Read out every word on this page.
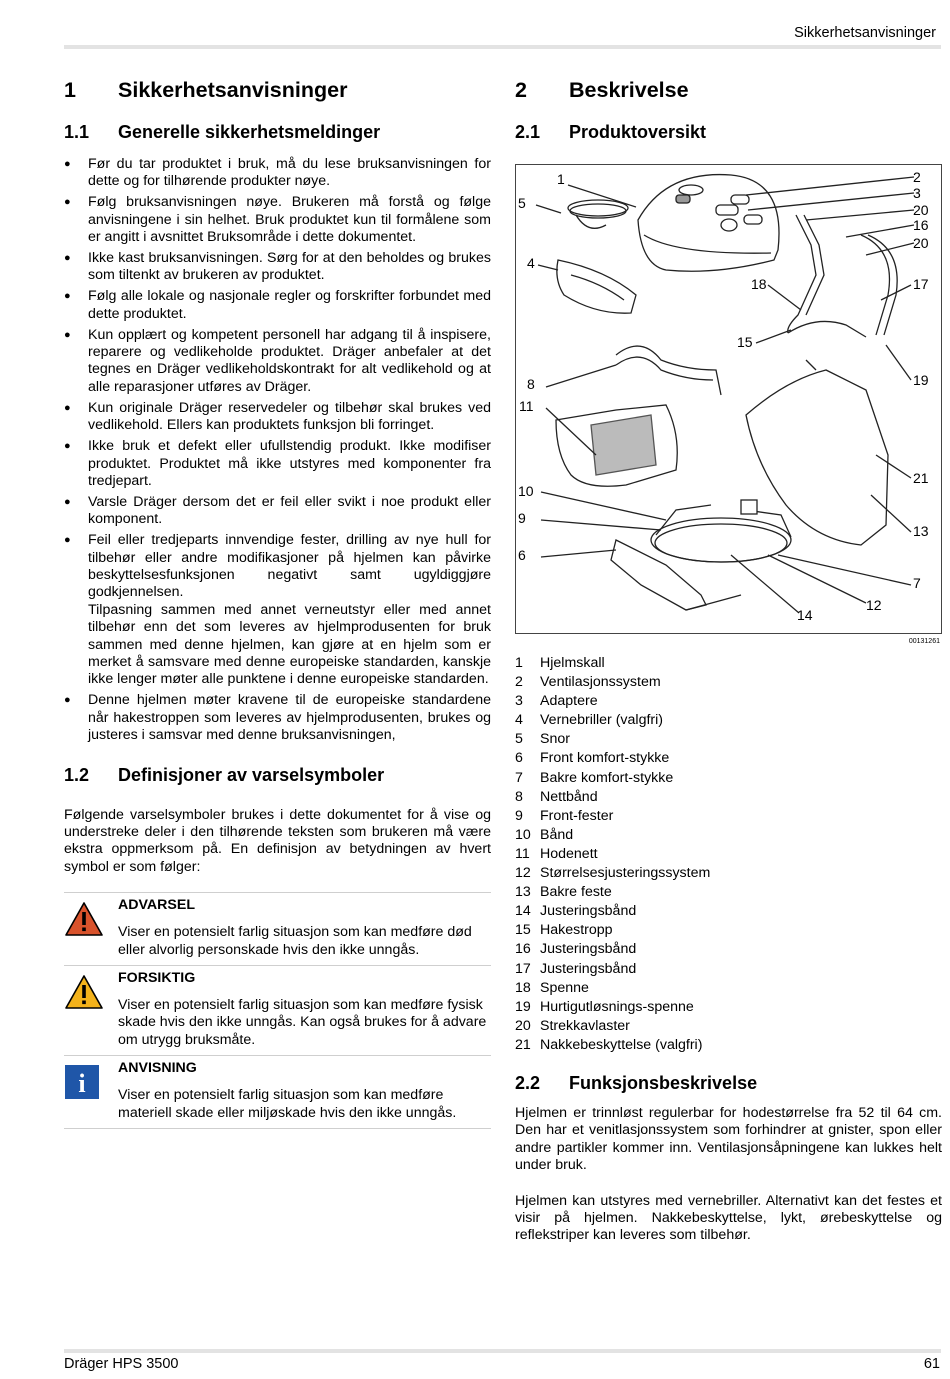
Sikkerhetsanvisninger
1	Sikkerhetsanvisninger
1.1	Generelle sikkerhetsmeldinger
● Før du tar produktet i bruk, må du lese bruksanvisningen for dette og for tilhørende produkter nøye.
● Følg bruksanvisningen nøye. Brukeren må forstå og følge anvisningene i sin helhet. Bruk produktet kun til formålene som er angitt i avsnittet Bruksområde i dette dokumentet.
● Ikke kast bruksanvisningen. Sørg for at den beholdes og brukes som tiltenkt av brukeren av produktet.
● Følg alle lokale og nasjonale regler og forskrifter forbundet med dette produktet.
● Kun opplært og kompetent personell har adgang til å inspisere, reparere og vedlikeholde produktet. Dräger anbefaler at det tegnes en Dräger vedlikeholdskontrakt for alt vedlikehold og at alle reparasjoner utføres av Dräger.
● Kun originale Dräger reservedeler og tilbehør skal brukes ved vedlikehold. Ellers kan produktets funksjon bli forringet.
● Ikke bruk et defekt eller ufullstendig produkt. Ikke modifiser produktet. Produktet må ikke utstyres med komponenter fra tredjepart.
● Varsle Dräger dersom det er feil eller svikt i noe produkt eller komponent.
● Feil eller tredjeparts innvendige fester, drilling av nye hull for tilbehør eller andre modifikasjoner på hjelmen kan påvirke beskyttelsesfunksjonen negativt samt ugyldiggjøre godkjennelsen.
Tilpasning sammen med annet verneutstyr eller med annet tilbehør enn det som leveres av hjelmprodusenten for bruk sammen med denne hjelmen, kan gjøre at en hjelm som er merket å samsvare med denne europeiske standarden, kanskje ikke lenger møter alle punktene i denne europeiske standarden.
● Denne hjelmen møter kravene til de europeiske standardene når hakestroppen som leveres av hjelmprodusenten, brukes og justeres i samsvar med denne bruksanvisningen,
1.2	Definisjoner av varselsymboler

Følgende varselsymboler brukes i dette dokumentet for å vise og understreke deler i den tilhørende teksten som brukeren må være ekstra oppmerksom på. En definisjon av betydningen av hvert symbol er som følger:

ADVARSEL
Viser en potensielt farlig situasjon som kan medføre død eller alvorlig personskade hvis den ikke unngås.
FORSIKTIG
Viser en potensielt farlig situasjon som kan medføre fysisk skade hvis den ikke unngås. Kan også brukes for å advare om utrygg bruksmåte.
i
ANVISNING
Viser en potensielt farlig situasjon som kan medføre materiell skade eller miljøskade hvis den ikke unngås.
2	Beskrivelse
2.1	Produktoversikt
1	2
3
20
16
20
5
4
18	17
15
8	19
11
21
10
13
9
6
7
12
14
00131261
1	Hjelmskall
2	Ventilasjonssystem
3	Adaptere
4	Vernebriller (valgfri)
5	Snor
6	Front komfort-stykke
7	Bakre komfort-stykke
8	Nettbånd
9	Front-fester
10 Bånd
11 Hodenett
12 Størrelsesjusteringssystem
13 Bakre feste
14 Justeringsbånd
15 Hakestropp
16 Justeringsbånd
17 Justeringsbånd
18 Spenne
19 Hurtigutløsnings-spenne
20 Strekkavlaster
21 Nakkebeskyttelse (valgfri)
2.2	Funksjonsbeskrivelse

Hjelmen er trinnløst regulerbar for hodestørrelse fra 52 til 64 cm. Den har et venitlasjonssystem som forhindrer at gnister, spon eller andre partikler kommer inn. Ventilasjonsåpningene kan lukkes helt under bruk.

Hjelmen kan utstyres med vernebriller. Alternativt kan det festes et visir på hjelmen. Nakkebeskyttelse, lykt, ørebeskyttelse og reflekstriper kan leveres som tilbehør.

Dräger HPS 3500	61
